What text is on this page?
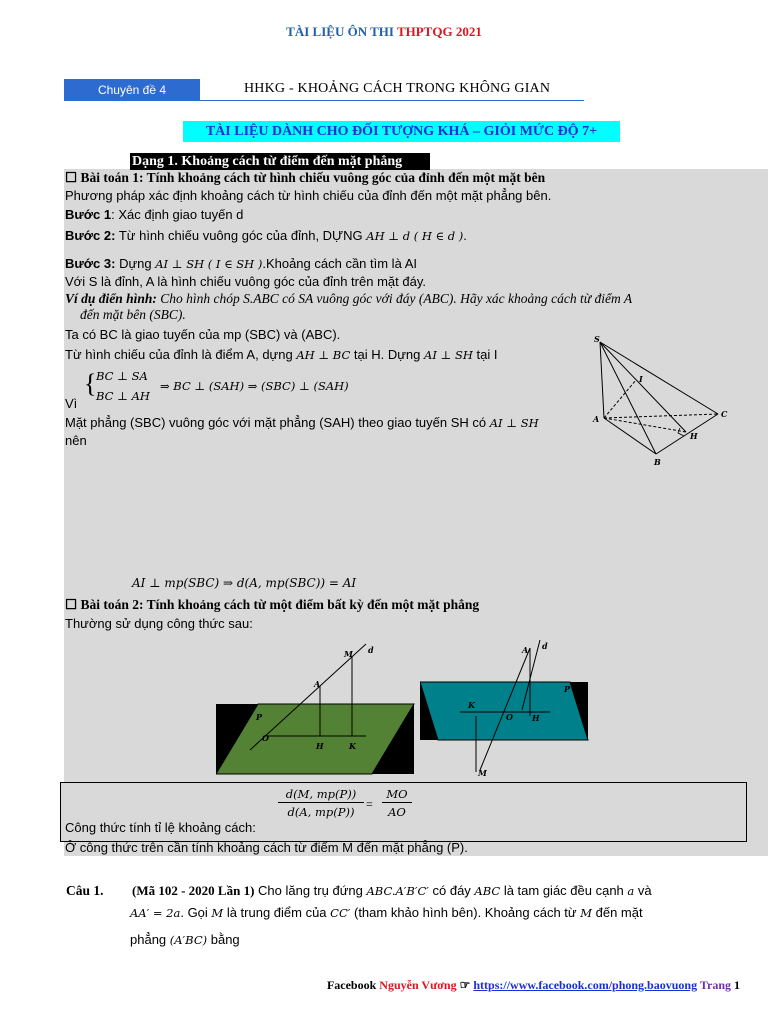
TÀI LIỆU ÔN THI THPTQG 2021
Chuyên đề 4	HHKG - KHOẢNG CÁCH TRONG KHÔNG GIAN
TÀI LIỆU DÀNH CHO ĐỐI TƯỢNG KHÁ – GIỎI MỨC ĐỘ 7+
Dạng 1. Khoảng cách từ điểm đến mặt phẳng
☐ Bài toán 1: Tính khoảng cách từ hình chiếu vuông góc của đỉnh đến một mặt bên
Phương pháp xác định khoảng cách từ hình chiếu của đỉnh đến một mặt phẳng bên.
Bước 1: Xác định giao tuyến d
Bước 2: Từ hình chiếu vuông góc của đỉnh, DỰNG AH ⊥ d ( H ∈ d ).
Bước 3: Dựng AI ⊥ SH ( I ∈ SH ).Khoảng cách cần tìm là AI
Với S là đỉnh, A là hình chiếu vuông góc của đỉnh trên mặt đáy.
Ví dụ điển hình: Cho hình chóp S.ABC có SA vuông góc với đáy (ABC). Hãy xác khoảng cách từ điểm A
đến mặt bên (SBC).
Ta có BC là giao tuyến của mp (SBC) và (ABC).
Từ hình chiếu của đỉnh là điểm A, dựng AH ⊥ BC tại H. Dựng AI ⊥ SH tại I
{ BC ⊥ SA
BC ⊥ AH
⇒ BC ⊥ (SAH) ⇒ (SBC) ⊥ (SAH)
Vì
Mặt phẳng (SBC) vuông góc với mặt phẳng (SAH) theo giao tuyến SH có AI ⊥ SH
nên
AI ⊥ mp(SBC) ⇒ d(A, mp(SBC)) = AI
S
I
A	C
H
B
☐ Bài toán 2: Tính khoảng cách từ một điểm bất kỳ đến một mặt phẳng
Thường sử dụng công thức sau:
M d
A
P
O
H	K
A
M
d
P
K
O H
$\frac{d(M, mp(P))}{d(A, mp(P))} = \frac{MO}{AO}$
Công thức tính tỉ lệ khoảng cách:
Ở công thức trên cần tính khoảng cách từ điểm M đến mặt phẳng (P).
Câu 1. (Mã 102 - 2020 Lần 1) Cho lăng trụ đứng ABC.A′B′C′ có đáy ABC là tam giác đều cạnh a và
AA′ = 2a. Gọi M là trung điểm của CC′ (tham khảo hình bên). Khoảng cách từ M đến mặt
phẳng (A′BC) bằng
Facebook Nguyễn Vương ☞ https://www.facebook.com/phong.baovuong Trang 1
